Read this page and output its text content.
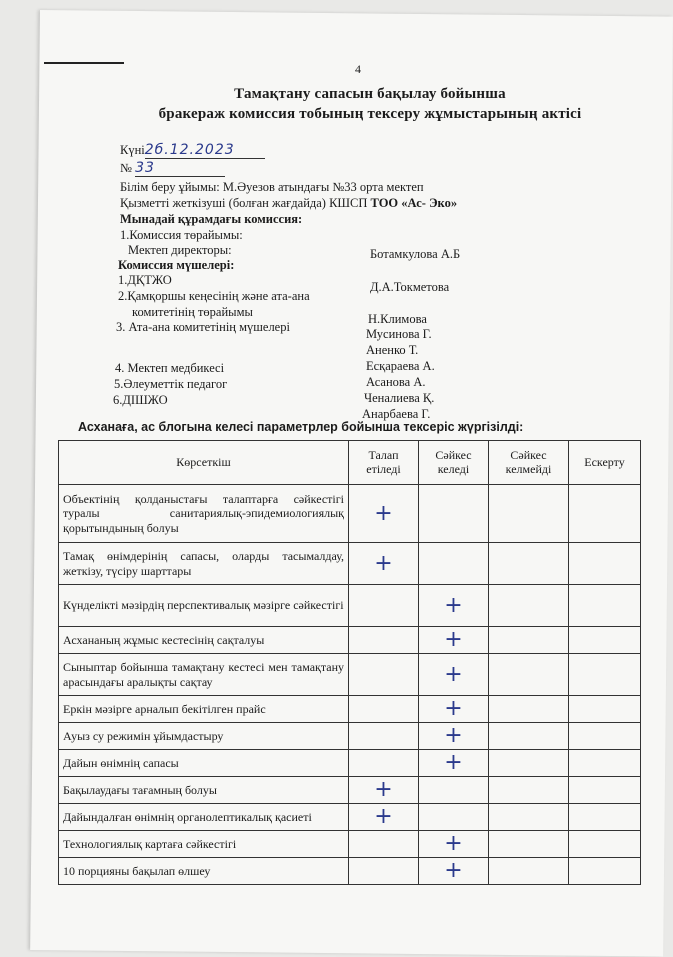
4
Тамақтану сапасын бақылау бойынша
бракераж комиссия тобының тексеру жұмыстарының актісі
Күні2б.12.2023
№ 33
Білім беру ұйымы: М.Әуезов атындағы №33 орта мектеп
Қызметті жеткізуші (болған жағдайда) КШСП ТОО «Ас- Эко»
Мынадай құрамдағы комиссия:
1.Комиссия төрайымы:
Мектеп директоры:	Ботамкулова А.Б
Комиссия мүшелері:
1.ДҚТЖО	Д.А.Токметова
2.Қамқоршы кеңесінің және ата-ана
комитетінің төрайымы	Н.Климова
3. Ата-ана комитетінің мүшелері	Мусинова Г.
Аненко Т.
Есқараева А.
4. Мектеп медбикесі
Асанова А.
5.Әлеуметтік педагог
Ченалиева Қ.
6.ДІШЖО
Анарбаева Г.
Асханаға, ас блогына келесі параметрлер бойынша тексеріс жүргізілді:
Көрсеткіш	Талап етіледі	Сәйкес келеді	Сәйкес келмейді	Ескерту
Объектінің қолданыстағы талаптарға сәйкестігі туралы санитариялық-эпидемиологиялық қорытындының болуы	+			
Тамақ өнімдерінің сапасы, оларды тасымалдау, жеткізу, түсіру шарттары	+			
Күнделікті мәзірдің перспективалық мәзірге сәйкестігі		+		
Асхананың жұмыс кестесінің сақталуы		+		
Сыныптар бойынша тамақтану кестесі мен тамақтану арасындағы аралықты сақтау		+		
Еркін мәзірге арналып бекітілген прайс		+		
Ауыз су режимін ұйымдастыру		+		
Дайын өнімнің сапасы		+		
Бақылаудағы тағамның болуы	+			
Дайындалған өнімнің органолептикалық қасиеті	+			
Технологиялық картаға сәйкестігі		+		
10 порцияны бақылап өлшеу		+		
